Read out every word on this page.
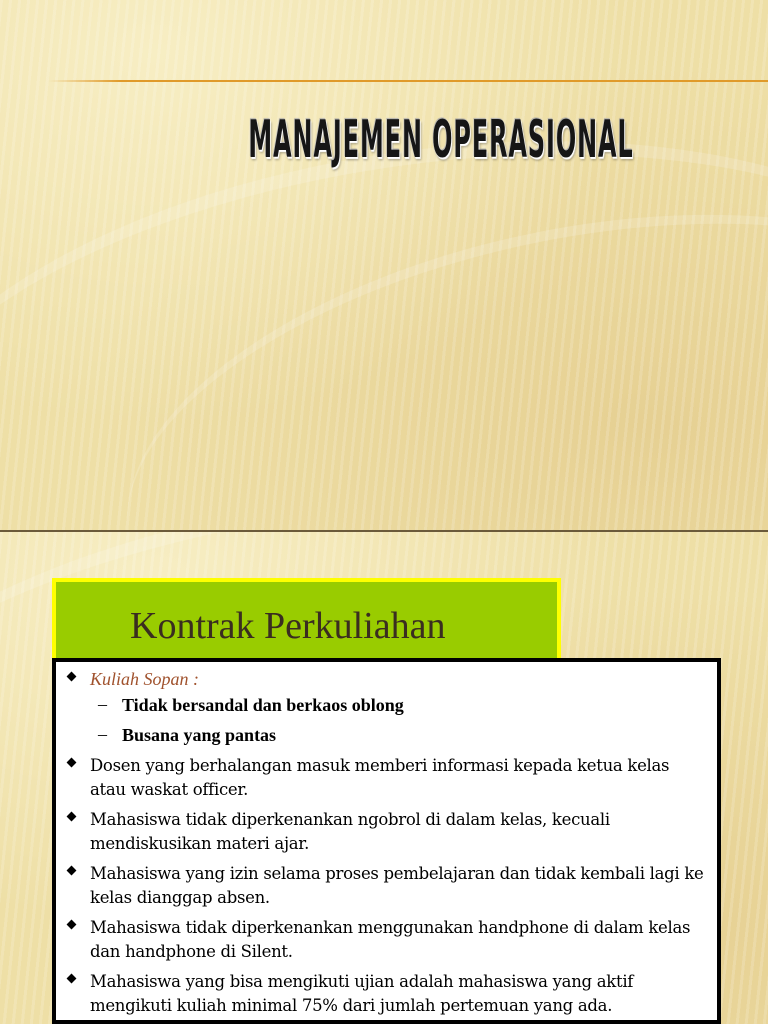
MANAJEMEN OPERASIONAL
Kontrak Perkuliahan
Kuliah Sopan :
– Tidak bersandal dan berkaos oblong
– Busana yang pantas
Dosen yang berhalangan masuk memberi informasi kepada ketua kelas atau waskat officer.
Mahasiswa tidak diperkenankan ngobrol di dalam kelas, kecuali mendiskusikan materi ajar.
Mahasiswa yang izin selama proses pembelajaran dan tidak kembali lagi ke kelas dianggap absen.
Mahasiswa tidak diperkenankan menggunakan handphone di dalam kelas dan handphone di Silent.
Mahasiswa yang bisa mengikuti ujian adalah mahasiswa yang aktif mengikuti kuliah minimal 75% dari jumlah pertemuan yang ada.
